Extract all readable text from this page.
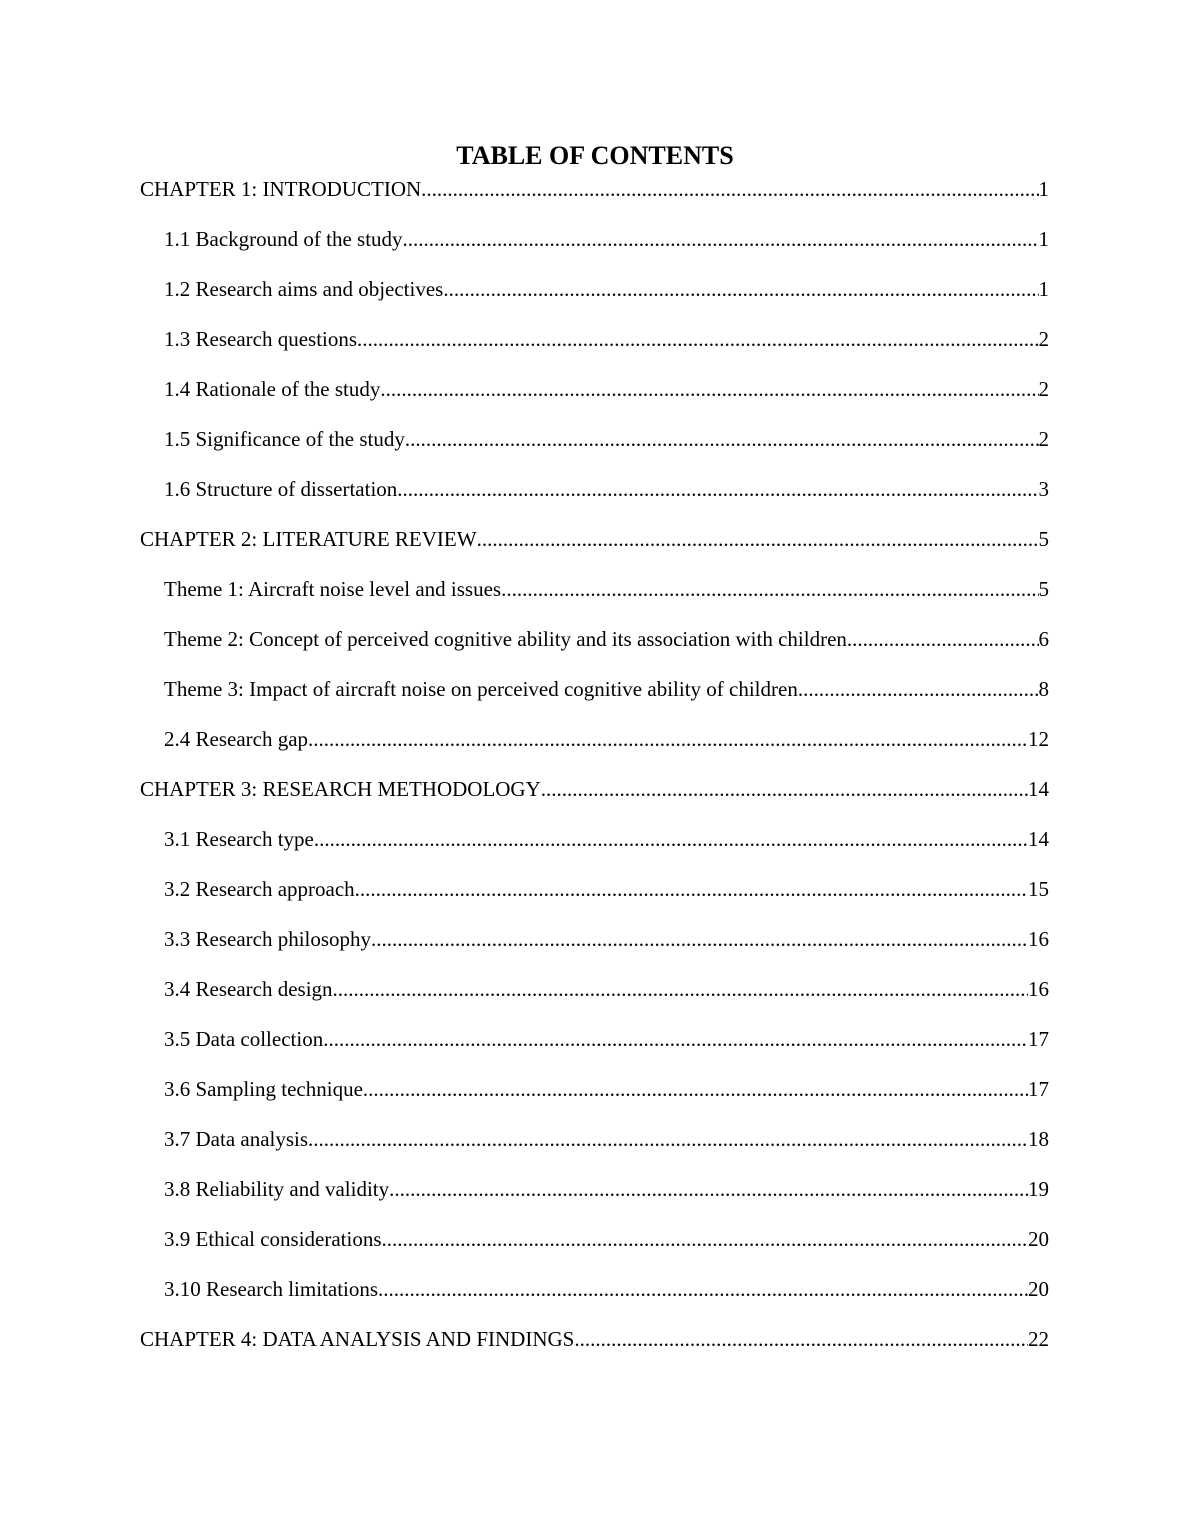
TABLE OF CONTENTS
CHAPTER 1: INTRODUCTION .....	1
1.1 Background of the study .....	1
1.2 Research aims and objectives .....	1
1.3 Research questions .....	2
1.4 Rationale of the study .....	2
1.5 Significance of the study .....	2
1.6 Structure of dissertation .....	3
CHAPTER 2: LITERATURE REVIEW .....	5
Theme 1: Aircraft noise level and issues .....	5
Theme 2: Concept of perceived cognitive ability and its association with children .....	6
Theme 3: Impact of aircraft noise on perceived cognitive ability of children .....	8
2.4 Research gap .....	12
CHAPTER 3: RESEARCH METHODOLOGY .....	14
3.1 Research type .....	14
3.2 Research approach .....	15
3.3 Research philosophy .....	16
3.4 Research design .....	16
3.5 Data collection .....	17
3.6 Sampling technique .....	17
3.7 Data analysis .....	18
3.8 Reliability and validity .....	19
3.9 Ethical considerations .....	20
3.10 Research limitations .....	20
CHAPTER 4: DATA ANALYSIS AND FINDINGS .....	22
